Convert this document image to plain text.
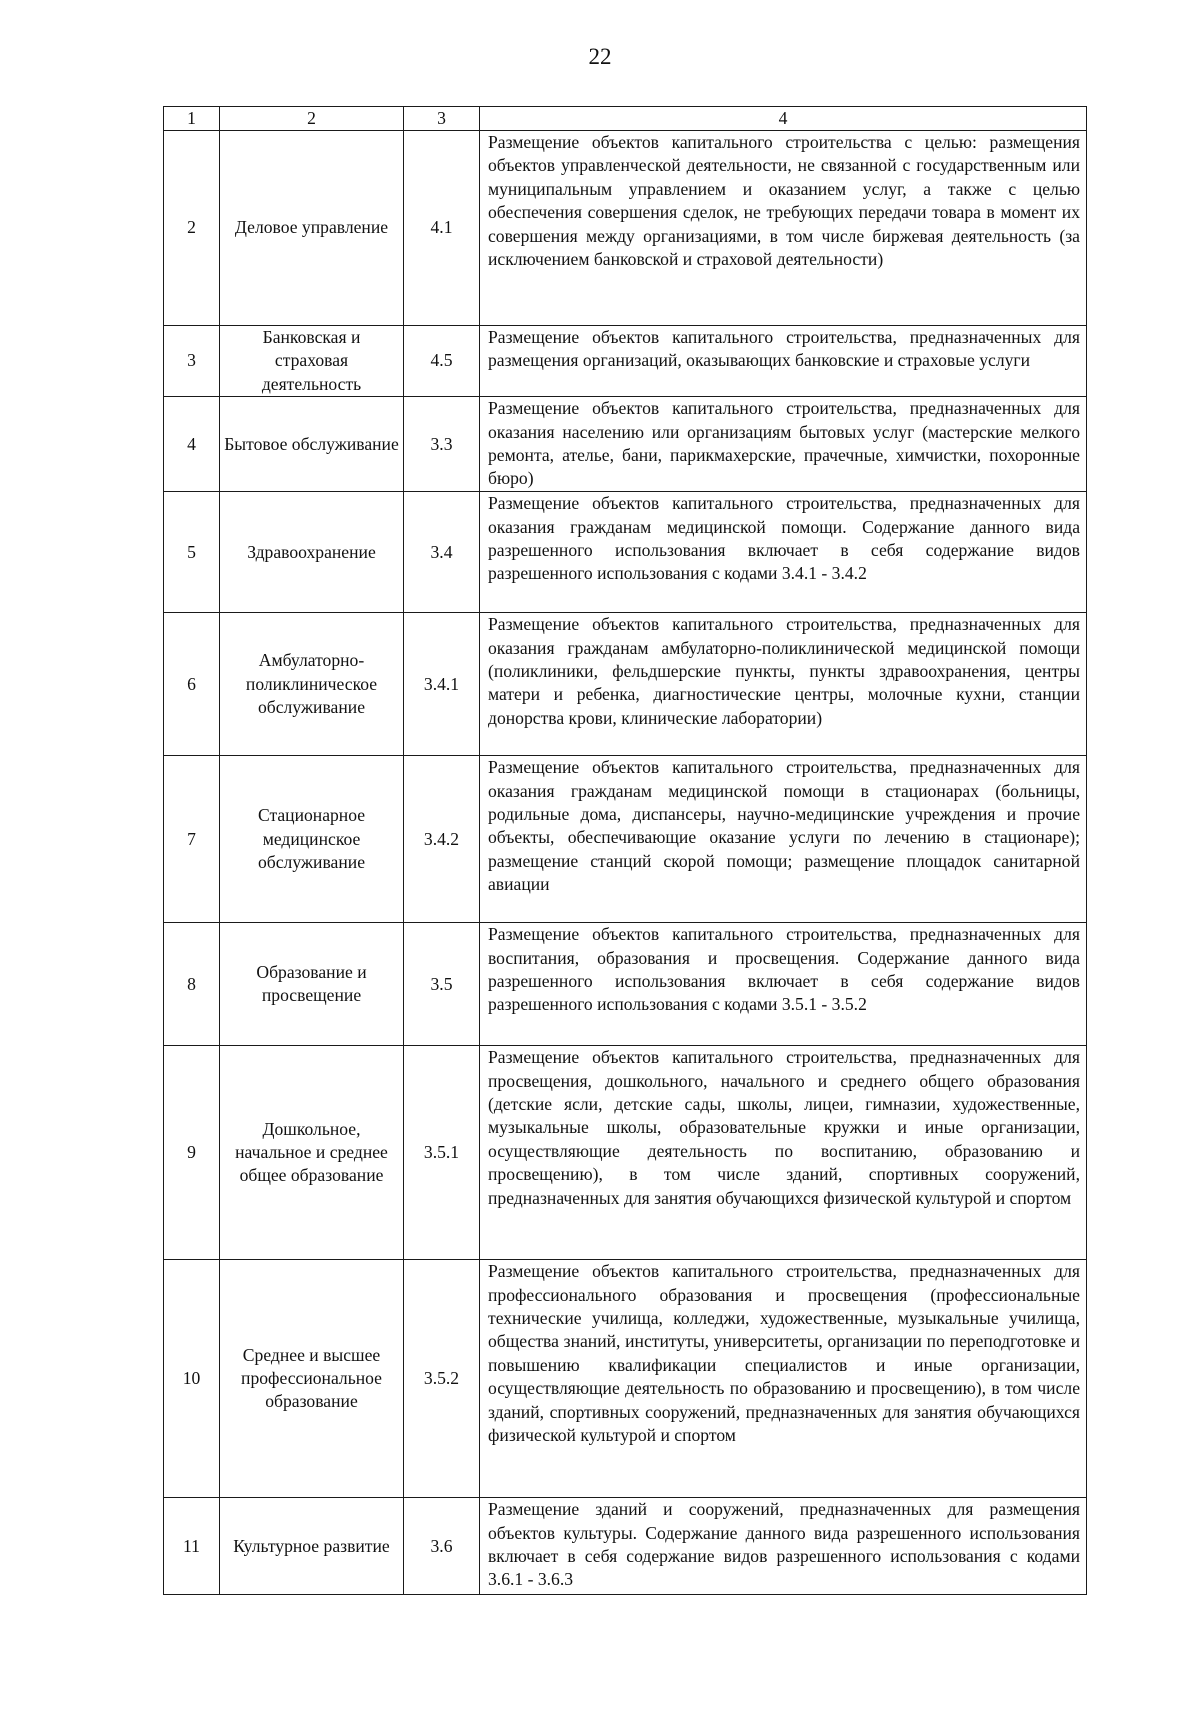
22
1	2	3	4
2	Деловое управление	4.1	Размещение объектов капитального строительства с целью: размещения объектов управленческой деятельности, не связанной с государственным или муниципальным управлением и оказанием услуг, а также с целью обеспечения совершения сделок, не требующих передачи товара в момент их совершения между организациями, в том числе биржевая деятельность (за исключением банковской и страховой деятельности)

3	Банковская и страховая деятельность	4.5	Размещение объектов капитального строительства, предназначенных для размещения организаций, оказывающих банковские и страховые услуги

4	Бытовое обслуживание	3.3	Размещение объектов капитального строительства, предназначенных для оказания населению или организациям бытовых услуг (мастерские мелкого ремонта, ателье, бани, парикмахерские, прачечные, химчистки, похоронные бюро)

5	Здравоохранение	3.4	Размещение объектов капитального строительства, предназначенных для оказания гражданам медицинской помощи. Содержание данного вида разрешенного использования включает в себя содержание видов разрешенного использования с кодами 3.4.1 - 3.4.2

6	Амбулаторно-поликлиническое обслуживание	3.4.1	Размещение объектов капитального строительства, предназначенных для оказания гражданам амбулаторно-поликлинической медицинской помощи (поликлиники, фельдшерские пункты, пункты здравоохранения, центры матери и ребенка, диагностические центры, молочные кухни, станции донорства крови, клинические лаборатории)

7	Стационарное медицинское обслуживание	3.4.2	Размещение объектов капитального строительства, предназначенных для оказания гражданам медицинской помощи в стационарах (больницы, родильные дома, диспансеры, научно-медицинские учреждения и прочие объекты, обеспечивающие оказание услуги по лечению в стационаре); размещение станций скорой помощи; размещение площадок санитарной авиации

8	Образование и просвещение	3.5	Размещение объектов капитального строительства, предназначенных для воспитания, образования и просвещения. Содержание данного вида разрешенного использования включает в себя содержание видов разрешенного использования с кодами 3.5.1 - 3.5.2

9	Дошкольное, начальное и среднее общее образование	3.5.1	Размещение объектов капитального строительства, предназначенных для просвещения, дошкольного, начального и среднего общего образования (детские ясли, детские сады, школы, лицеи, гимназии, художественные, музыкальные школы, образовательные кружки и иные организации, осуществляющие деятельность по воспитанию, образованию и просвещению), в том числе зданий, спортивных сооружений, предназначенных для занятия обучающихся физической культурой и спортом

10	Среднее и высшее профессиональное образование	3.5.2	Размещение объектов капитального строительства, предназначенных для профессионального образования и просвещения (профессиональные технические училища, колледжи, художественные, музыкальные училища, общества знаний, институты, университеты, организации по переподготовке и повышению квалификации специалистов и иные организации, осуществляющие деятельность по образованию и просвещению), в том числе зданий, спортивных сооружений, предназначенных для занятия обучающихся физической культурой и спортом

11	Культурное развитие	3.6	Размещение зданий и сооружений, предназначенных для размещения объектов культуры. Содержание данного вида разрешенного использования включает в себя содержание видов разрешенного использования с кодами 3.6.1 - 3.6.3
